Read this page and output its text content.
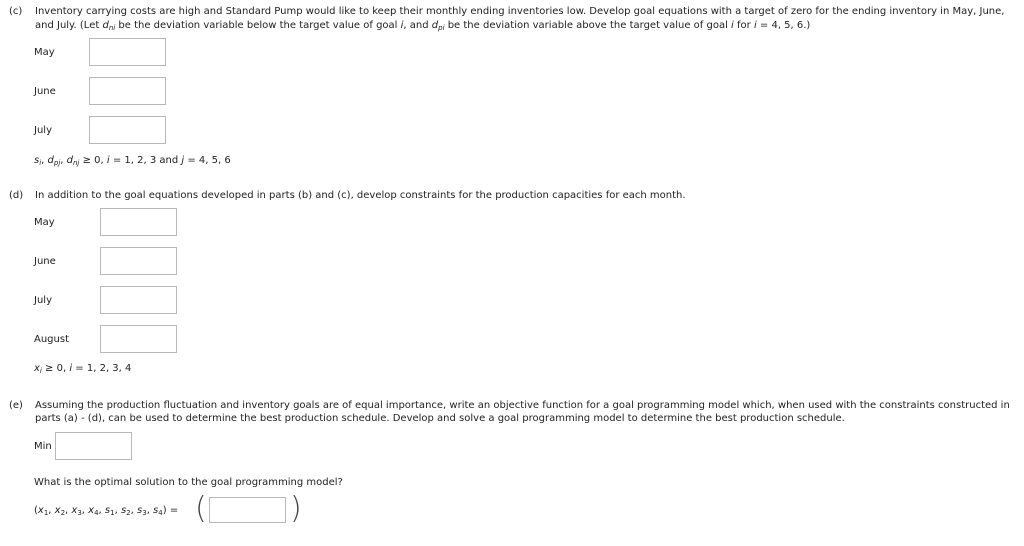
(c) Inventory carrying costs are high and Standard Pump would like to keep their monthly ending inventories low. Develop goal equations with a target of zero for the ending inventory in May, June,
and July. (Let $d_{ni}$ be the deviation variable below the target value of goal i, and $d_{pi}$ be the deviation variable above the target value of goal i for i = 4, 5, 6.)
May
June
July
$s_i$, $d_{pj}$, $d_{nj} \ge 0$, i = 1, 2, 3 and j = 4, 5, 6
(d) In addition to the goal equations developed in parts (b) and (c), develop constraints for the production capacities for each month.
May
June
July
August
$x_i \ge 0$, i = 1, 2, 3, 4
(e) Assuming the production fluctuation and inventory goals are of equal importance, write an objective function for a goal programming model which, when used with the constraints constructed in
parts (a) - (d), can be used to determine the best production schedule. Develop and solve a goal programming model to determine the best production schedule.
Min
What is the optimal solution to the goal programming model?
($x_1$, $x_2$, $x_3$, $x_4$, $s_1$, $s_2$, $s_3$, $s_4$) = (	)
